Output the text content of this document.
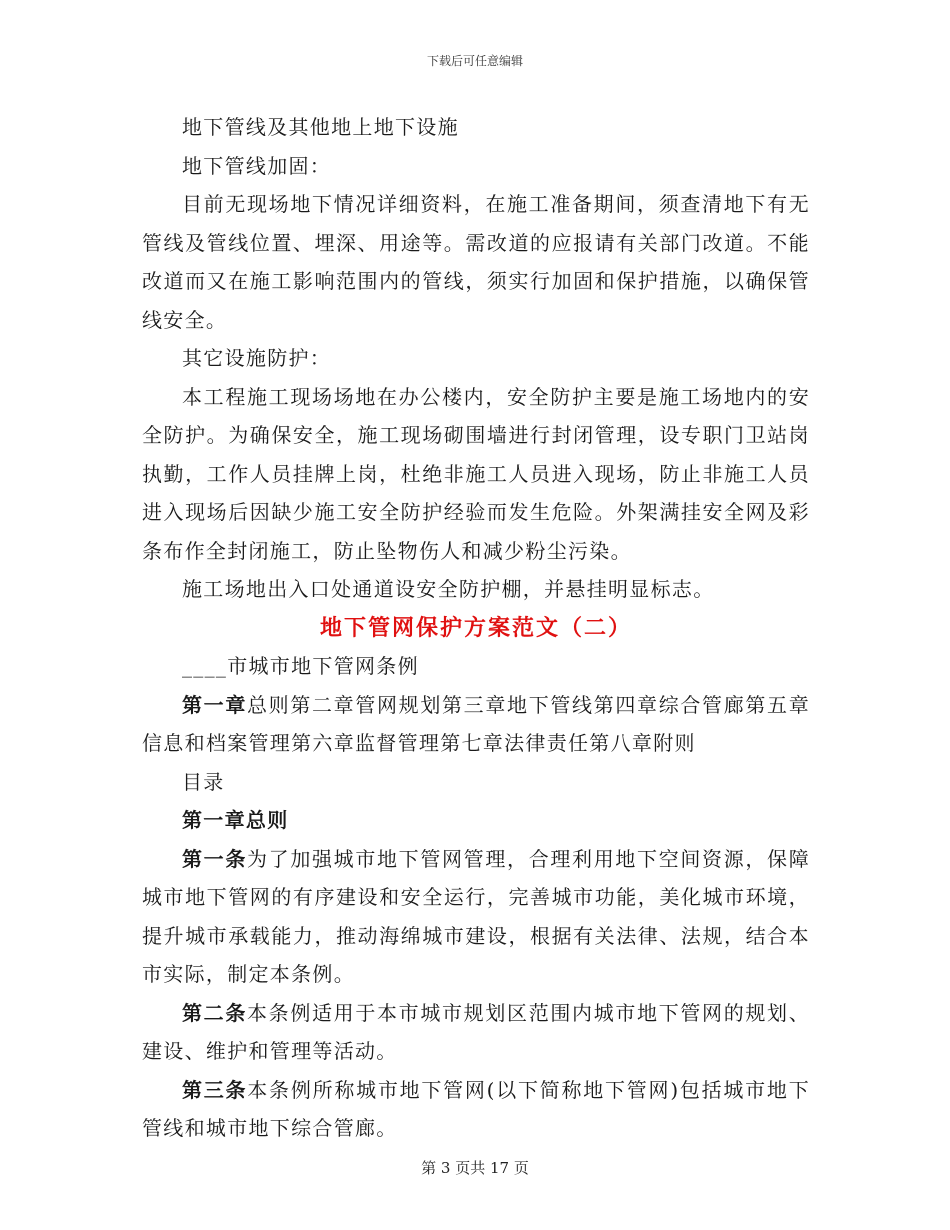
下载后可任意编辑

地下管线及其他地上地下设施

地下管线加固：

目前无现场地下情况详细资料，在施工准备期间，须查清地下有无管线及管线位置、埋深、用途等。需改道的应报请有关部门改道。不能改道而又在施工影响范围内的管线，须实行加固和保护措施，以确保管线安全。

其它设施防护：

本工程施工现场场地在办公楼内，安全防护主要是施工场地内的安全防护。为确保安全，施工现场砌围墙进行封闭管理，设专职门卫站岗执勤，工作人员挂牌上岗，杜绝非施工人员进入现场，防止非施工人员进入现场后因缺少施工安全防护经验而发生危险。外架满挂安全网及彩条布作全封闭施工，防止坠物伤人和减少粉尘污染。

施工场地出入口处通道设安全防护棚，并悬挂明显标志。

地下管网保护方案范文（二）

____市城市地下管网条例

第一章总则第二章管网规划第三章地下管线第四章综合管廊第五章信息和档案管理第六章监督管理第七章法律责任第八章附则

目录

第一章总则

第一条为了加强城市地下管网管理，合理利用地下空间资源，保障城市地下管网的有序建设和安全运行，完善城市功能，美化城市环境，提升城市承载能力，推动海绵城市建设，根据有关法律、法规，结合本市实际，制定本条例。

第二条本条例适用于本市城市规划区范围内城市地下管网的规划、建设、维护和管理等活动。

第三条本条例所称城市地下管网(以下简称地下管网)包括城市地下管线和城市地下综合管廊。

第 3 页共 17 页
